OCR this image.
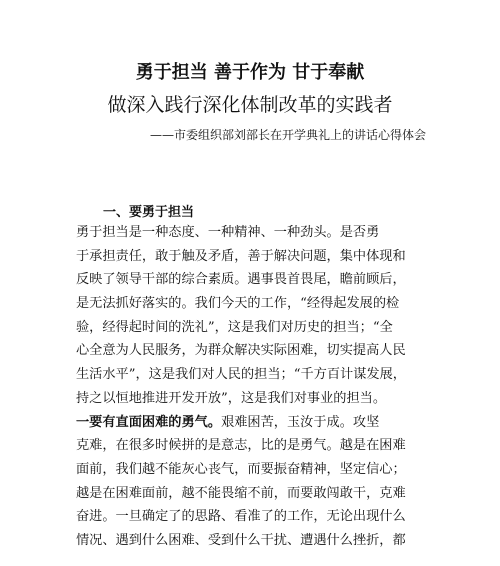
勇于担当 善于作为 甘于奉献
做深入践行深化体制改革的实践者
——市委组织部刘部长在开学典礼上的讲话心得体会
一、要勇于担当
勇于担当是一种态度、一种精神、一种劲头。是否勇
于承担责任，敢于触及矛盾，善于解决问题，集中体现和
反映了领导干部的综合素质。遇事畏首畏尾，瞻前顾后，
是无法抓好落实的。我们今天的工作，“经得起发展的检
验，经得起时间的洗礼”，这是我们对历史的担当；“全
心全意为人民服务，为群众解决实际困难，切实提高人民
生活水平”，这是我们对人民的担当；“千方百计谋发展，
持之以恒地推进开发开放”，这是我们对事业的担当。
一要有直面困难的勇气。艰难困苦，玉汝于成。攻坚
克难，在很多时候拼的是意志，比的是勇气。越是在困难
面前，我们越不能灰心丧气，而要振奋精神，坚定信心；
越是在困难面前，越不能畏缩不前，而要敢闯敢干，克难
奋进。一旦确定了的思路、看准了的工作，无论出现什么
情况、遇到什么困难、受到什么干扰、遭遇什么挫折，都
